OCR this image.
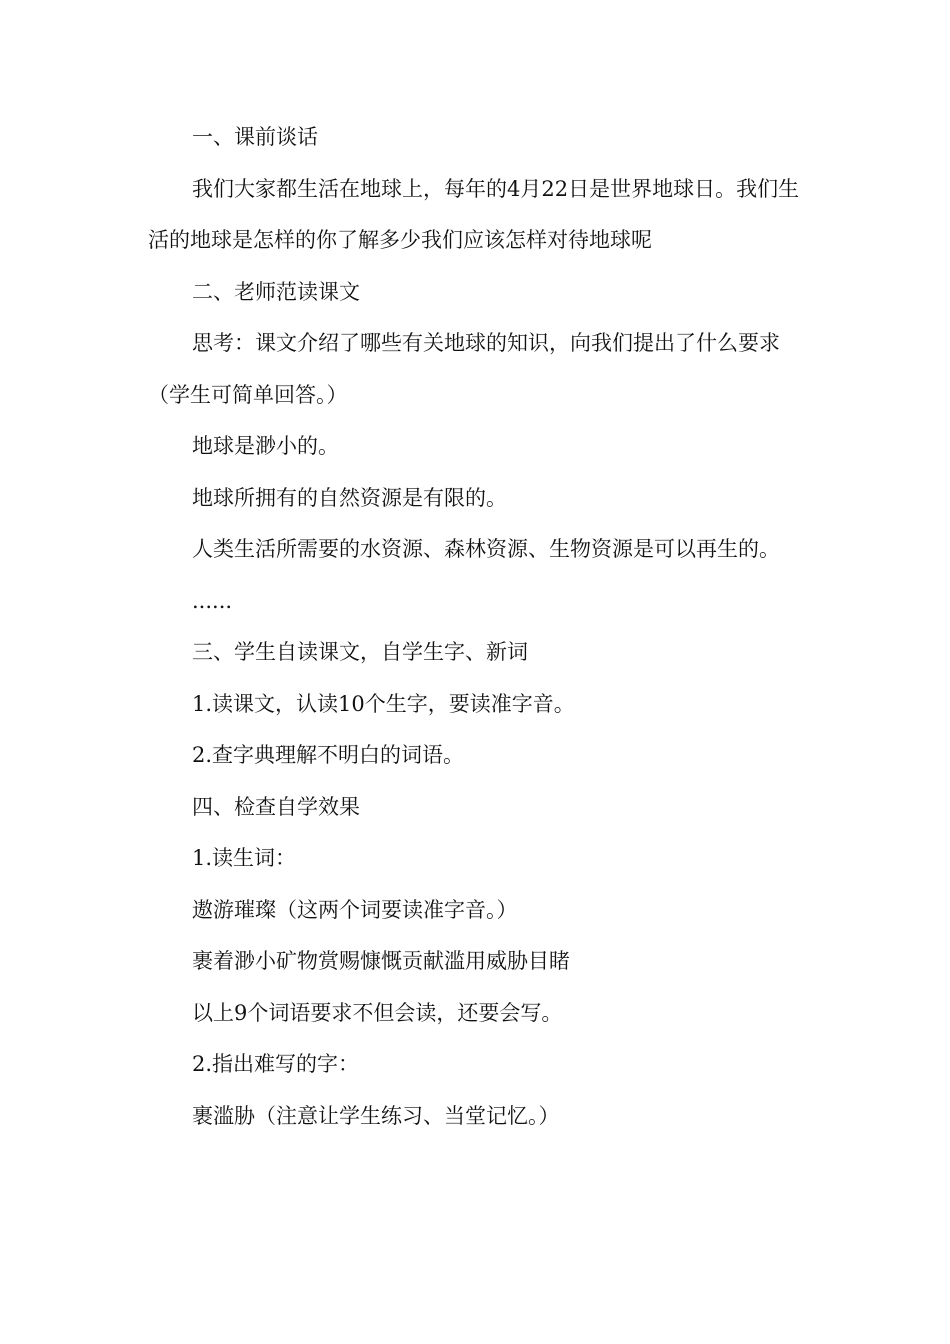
一、课前谈话

我们大家都生活在地球上，每年的4月22日是世界地球日。我们生活的地球是怎样的你了解多少我们应该怎样对待地球呢

二、老师范读课文

思考：课文介绍了哪些有关地球的知识，向我们提出了什么要求（学生可简单回答。）

地球是渺小的。

地球所拥有的自然资源是有限的。

人类生活所需要的水资源、森林资源、生物资源是可以再生的。

......

三、学生自读课文，自学生字、新词

1.读课文，认读10个生字，要读准字音。

2.查字典理解不明白的词语。

四、检查自学效果

1.读生词：

遨游璀璨（这两个词要读准字音。）

裹着渺小矿物赏赐慷慨贡献滥用威胁目睹

以上9个词语要求不但会读，还要会写。

2.指出难写的字：

裹滥胁（注意让学生练习、当堂记忆。）
